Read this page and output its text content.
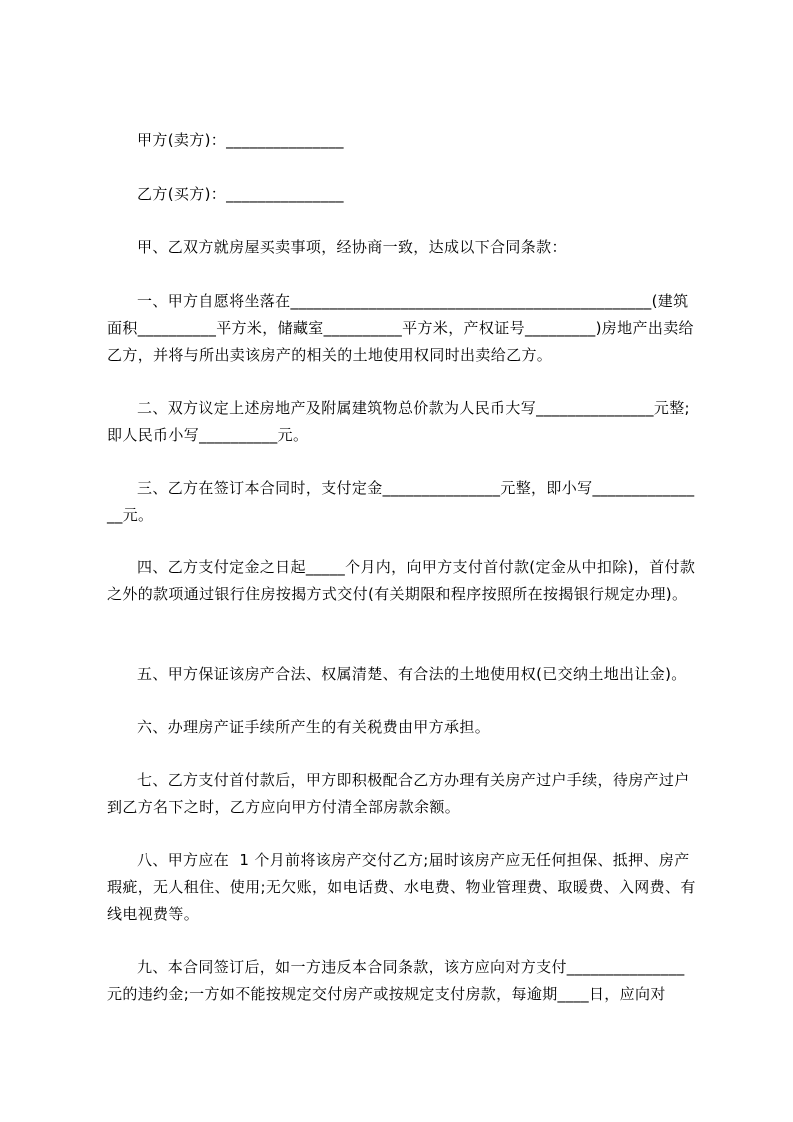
甲方(卖方)：_______________

乙方(买方)：_______________

甲、乙双方就房屋买卖事项，经协商一致，达成以下合同条款：

一、甲方自愿将坐落在______________________________________________(建筑面积__________平方米，储藏室__________平方米，产权证号_________)房地产出卖给乙方，并将与所出卖该房产的相关的土地使用权同时出卖给乙方。

二、双方议定上述房地产及附属建筑物总价款为人民币大写_______________元整;即人民币小写__________元。

三、乙方在签订本合同时，支付定金_______________元整，即小写_______________元。

四、乙方支付定金之日起_____个月内，向甲方支付首付款(定金从中扣除)，首付款之外的款项通过银行住房按揭方式交付(有关期限和程序按照所在按揭银行规定办理)。

五、甲方保证该房产合法、权属清楚、有合法的土地使用权(已交纳土地出让金)。

六、办理房产证手续所产生的有关税费由甲方承担。

七、乙方支付首付款后，甲方即积极配合乙方办理有关房产过户手续，待房产过户到乙方名下之时，乙方应向甲方付清全部房款余额。

八、甲方应在  1 个月前将该房产交付乙方;届时该房产应无任何担保、抵押、房产瑕疵，无人租住、使用;无欠账，如电话费、水电费、物业管理费、取暖费、入网费、有线电视费等。

九、本合同签订后，如一方违反本合同条款，该方应向对方支付_______________元的违约金;一方如不能按规定交付房产或按规定支付房款，每逾期____日，应向对
